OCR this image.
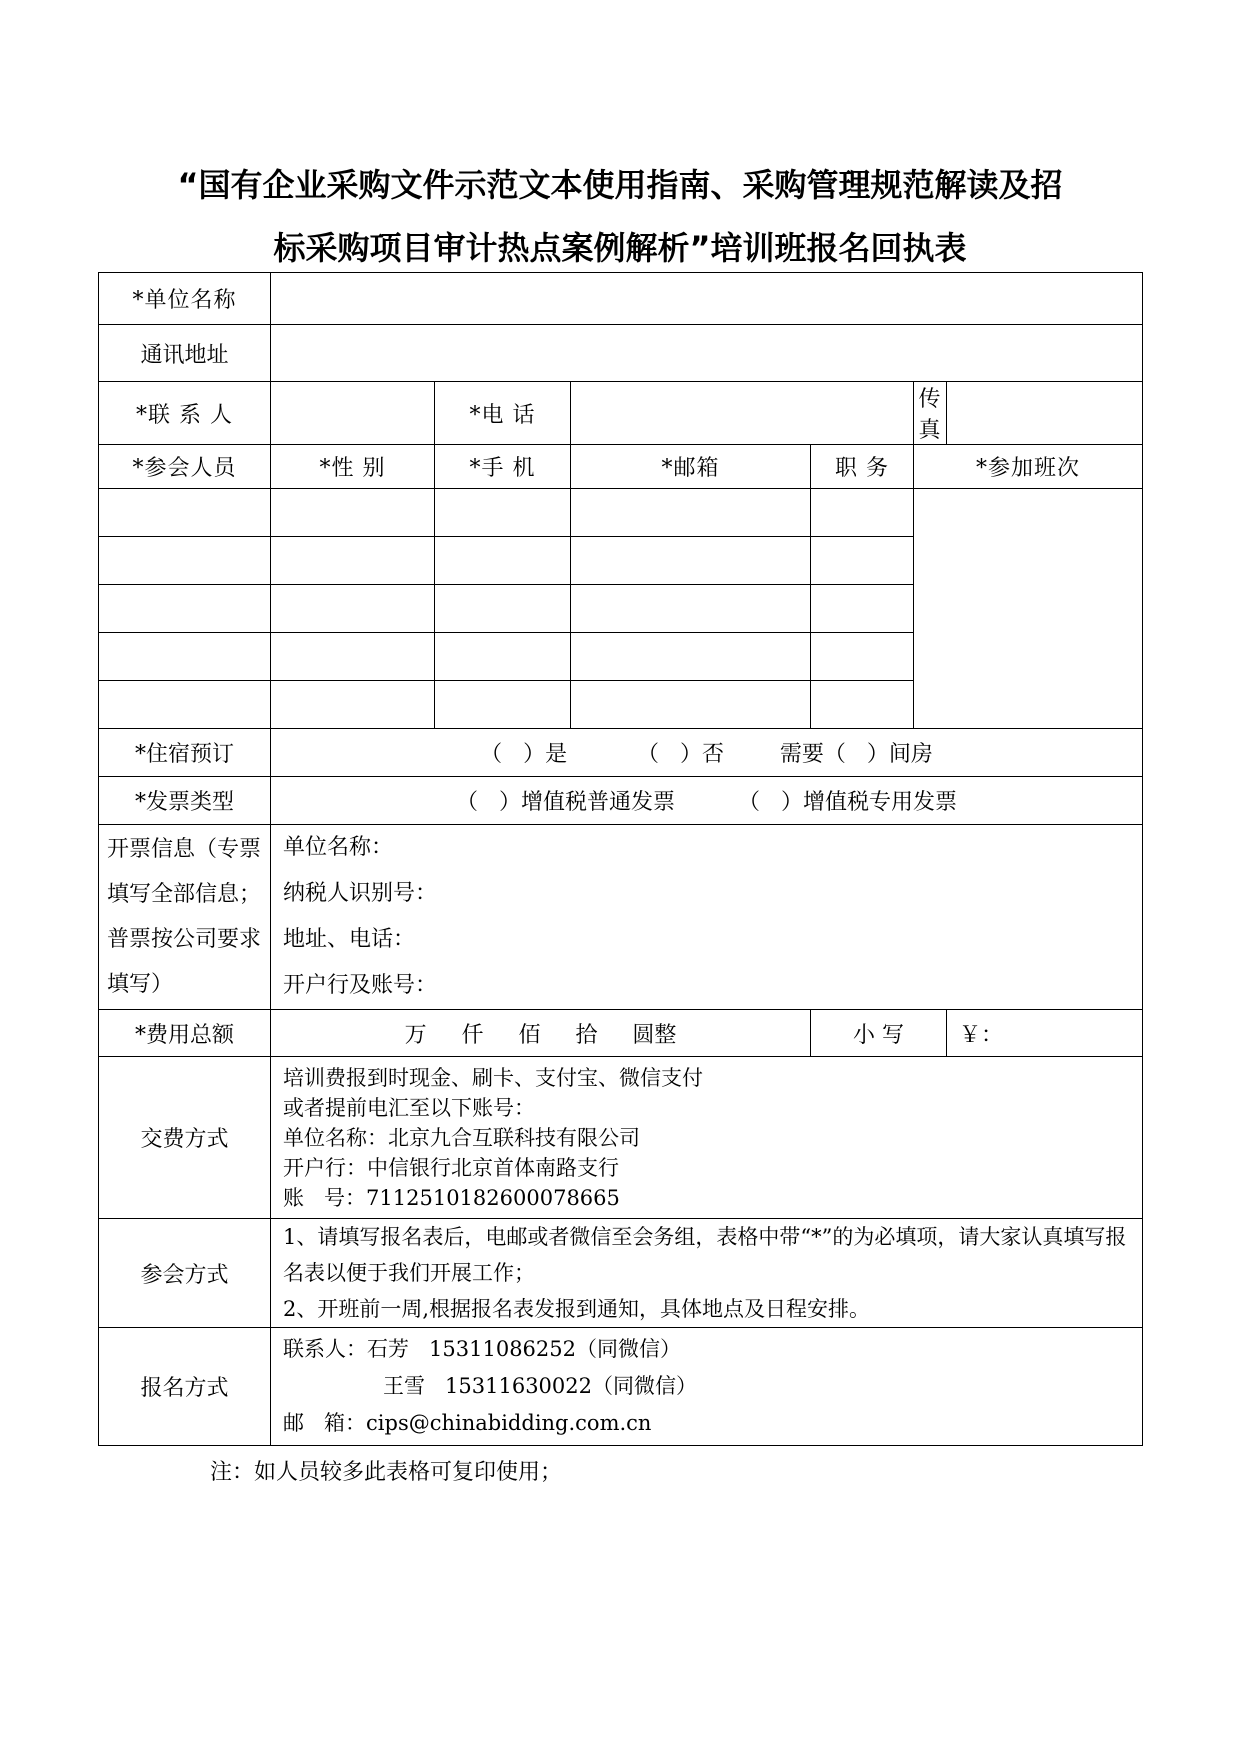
“国有企业采购文件示范文本使用指南、采购管理规范解读及招
标采购项目审计热点案例解析”培训班报名回执表
*单位名称						
通讯地址						
*联 系 人		*电 话			传 真	
*参会人员	*性 别	*手 机	*邮箱	职 务	*参加班次	

*住宿预订	（   ）是          （   ）否        需要（   ）间房					
*发票类型	（   ）增值税普通发票         （   ）增值税专用发票					
开票信息（专票填写全部信息；普票按公司要求填写）	单位名称：
纳税人识别号：
地址、电话：
开户行及账号：					

*费用总额	万     仟     佰     拾     圆整			小 写		￥：
交费方式	培训费报到时现金、刷卡、支付宝、微信支付
或者提前电汇至以下账号：
单位名称：北京九合互联科技有限公司
开户行：中信银行北京首体南路支行
账   号：7112510182600078665					

参会方式	1、请填写报名表后，电邮或者微信至会务组，表格中带“*”的为必填项，请大家认真填写报名表以便于我们开展工作；
2、开班前一周,根据报名表发报到通知，具体地点及日程安排。					

报名方式	联系人：石芳   15311086252（同微信）
王雪   15311630022（同微信）
邮   箱：cips@chinabidding.com.cn					
注：如人员较多此表格可复印使用；
